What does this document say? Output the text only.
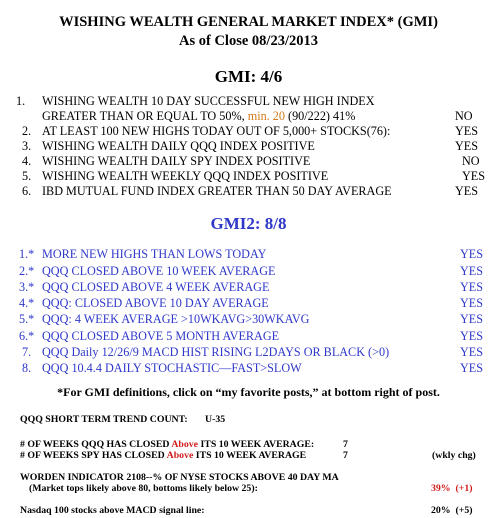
WISHING WEALTH GENERAL MARKET INDEX* (GMI)
As of Close 08/23/2013
GMI: 4/6
1. WISHING WEALTH 10 DAY SUCCESSFUL NEW HIGH INDEX
GREATER THAN OR EQUAL TO 50%, min. 20 (90/222) 41%	NO
2. AT LEAST 100 NEW HIGHS TODAY OUT OF 5,000+ STOCKS(76):	YES
3. WISHING WEALTH DAILY QQQ INDEX POSITIVE	YES
4. WISHING WEALTH DAILY SPY INDEX POSITIVE	NO
5. WISHING WEALTH WEEKLY QQQ INDEX POSITIVE	YES
6. IBD MUTUAL FUND INDEX GREATER THAN 50 DAY AVERAGE	YES
GMI2: 8/8
1.* MORE NEW HIGHS THAN LOWS TODAY	YES
2.* QQQ CLOSED ABOVE 10 WEEK AVERAGE	YES
3.* QQQ CLOSED ABOVE 4 WEEK AVERAGE	YES
4.* QQQ: CLOSED ABOVE 10 DAY AVERAGE	YES
5.* QQQ: 4 WEEK AVERAGE >10WKAVG>30WKAVG	YES
6.* QQQ CLOSED ABOVE 5 MONTH AVERAGE	YES
7. QQQ Daily 12/26/9 MACD HIST RISING L2DAYS OR BLACK (>0)	YES
8. QQQ 10.4.4 DAILY STOCHASTIC—FAST>SLOW	YES
*For GMI definitions, click on “my favorite posts,” at bottom right of post.
QQQ SHORT TERM TREND COUNT: U-35
# OF WEEKS QQQ HAS CLOSED Above ITS 10 WEEK AVERAGE:	7
# OF WEEKS SPY HAS CLOSED Above ITS 10 WEEK AVERAGE	7	(wkly chg)
WORDEN INDICATOR 2108--% OF NYSE STOCKS ABOVE 40 DAY MA
(Market tops likely above 80, bottoms likely below 25):	39% (+1)
Nasdaq 100 stocks above MACD signal line:	20% (+5)
